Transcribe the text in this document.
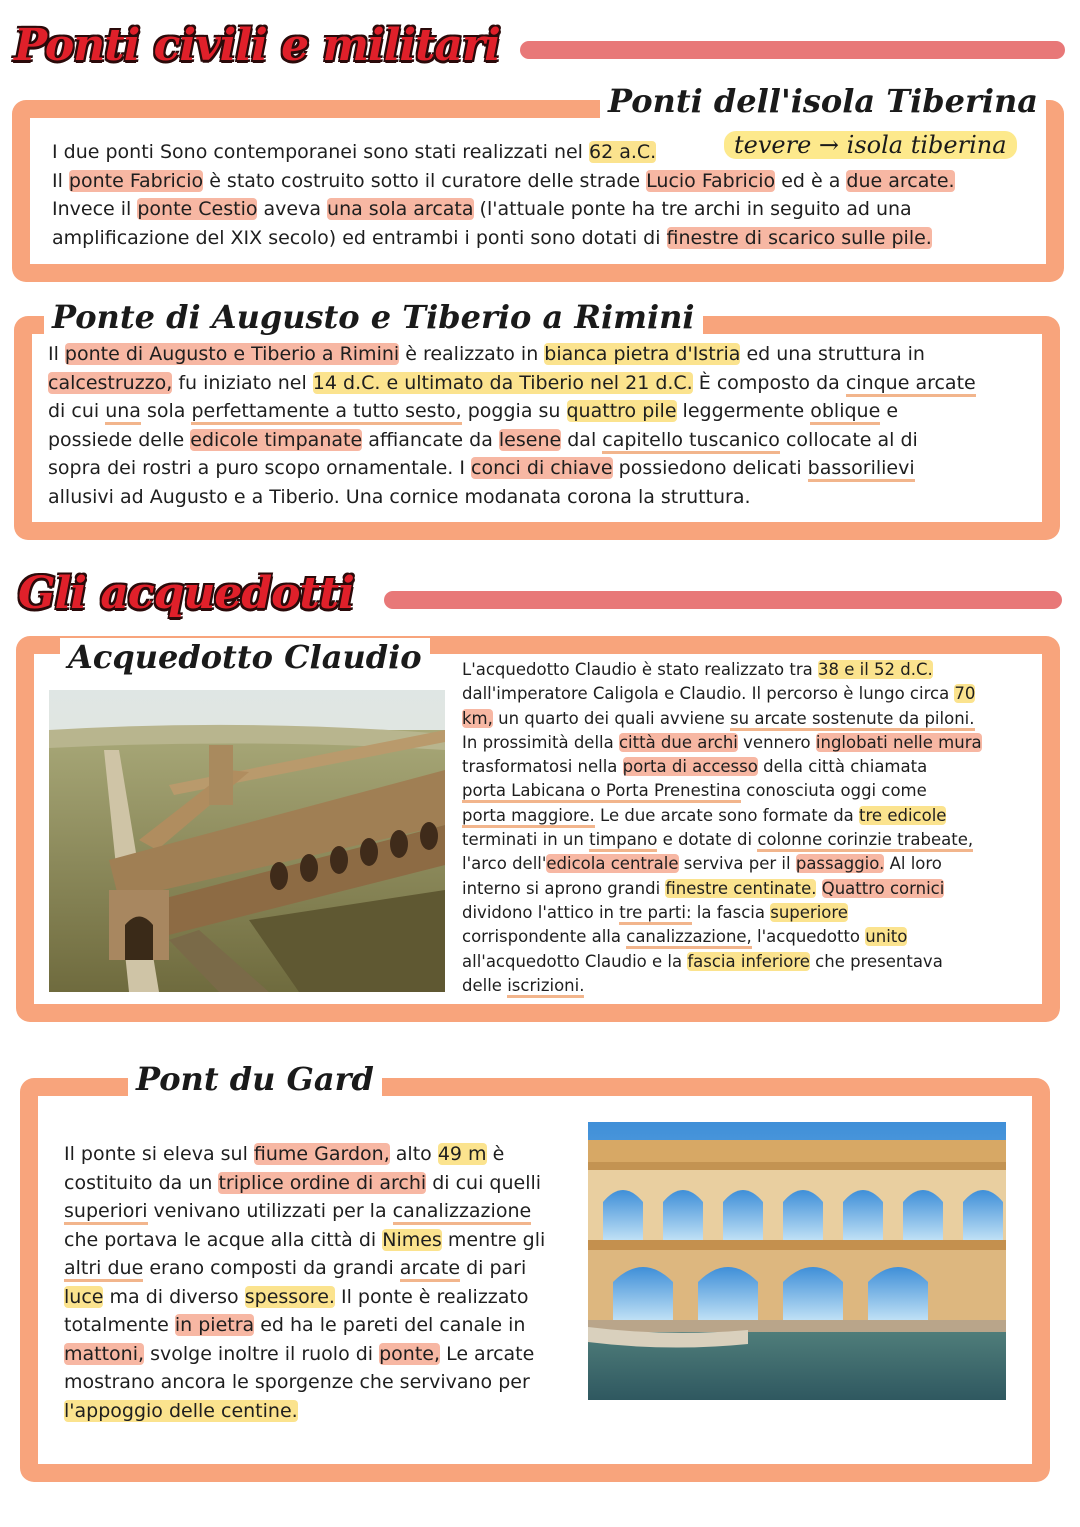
Ponti civili e militari
Ponti dell'isola Tiberina
tevere → isola tiberina
I due ponti Sono contemporanei sono stati realizzati nel 62 a.C.
Il ponte Fabricio è stato costruito sotto il curatore delle strade Lucio Fabricio ed è a due arcate.
Invece il ponte Cestio aveva una sola arcata (l'attuale ponte ha tre archi in seguito ad una
amplificazione del XIX secolo) ed entrambi i ponti sono dotati di finestre di scarico sulle pile.
Ponte di Augusto e Tiberio a Rimini
Il ponte di Augusto e Tiberio a Rimini è realizzato in bianca pietra d'Istria ed una struttura in
calcestruzzo, fu iniziato nel 14 d.C. e ultimato da Tiberio nel 21 d.C. È composto da cinque arcate
di cui una sola perfettamente a tutto sesto, poggia su quattro pile leggermente oblique e
possiede delle edicole timpanate affiancate da lesene dal capitello tuscanico collocate al di
sopra dei rostri a puro scopo ornamentale. I conci di chiave possiedono delicati bassorilievi
allusivi ad Augusto e a Tiberio. Una cornice modanata corona la struttura.
Gli acquedotti
Acquedotto Claudio	L'acquedotto Claudio è stato realizzato tra 38 e il 52 d.C.
dall'imperatore Caligola e Claudio. Il percorso è lungo circa 70
km, un quarto dei quali avviene su arcate sostenute da piloni.
In prossimità della città due archi vennero inglobati nelle mura
trasformatosi nella porta di accesso della città chiamata
porta Labicana o Porta Prenestina conosciuta oggi come
porta maggiore. Le due arcate sono formate da tre edicole
terminati in un timpano e dotate di colonne corinzie trabeate,
l'arco dell'edicola centrale serviva per il passaggio. Al loro
interno si aprono grandi finestre centinate. Quattro cornici
dividono l'attico in tre parti: la fascia superiore
corrispondente alla canalizzazione, l'acquedotto unito
all'acquedotto Claudio e la fascia inferiore che presentava
delle iscrizioni.
Pont du Gard
Il ponte si eleva sul fiume Gardon, alto 49 m è
costituito da un triplice ordine di archi di cui quelli
superiori venivano utilizzati per la canalizzazione
che portava le acque alla città di Nimes mentre gli
altri due erano composti da grandi arcate di pari
luce ma di diverso spessore. Il ponte è realizzato
totalmente in pietra ed ha le pareti del canale in
mattoni, svolge inoltre il ruolo di ponte, Le arcate
mostrano ancora le sporgenze che servivano per
l'appoggio delle centine.
